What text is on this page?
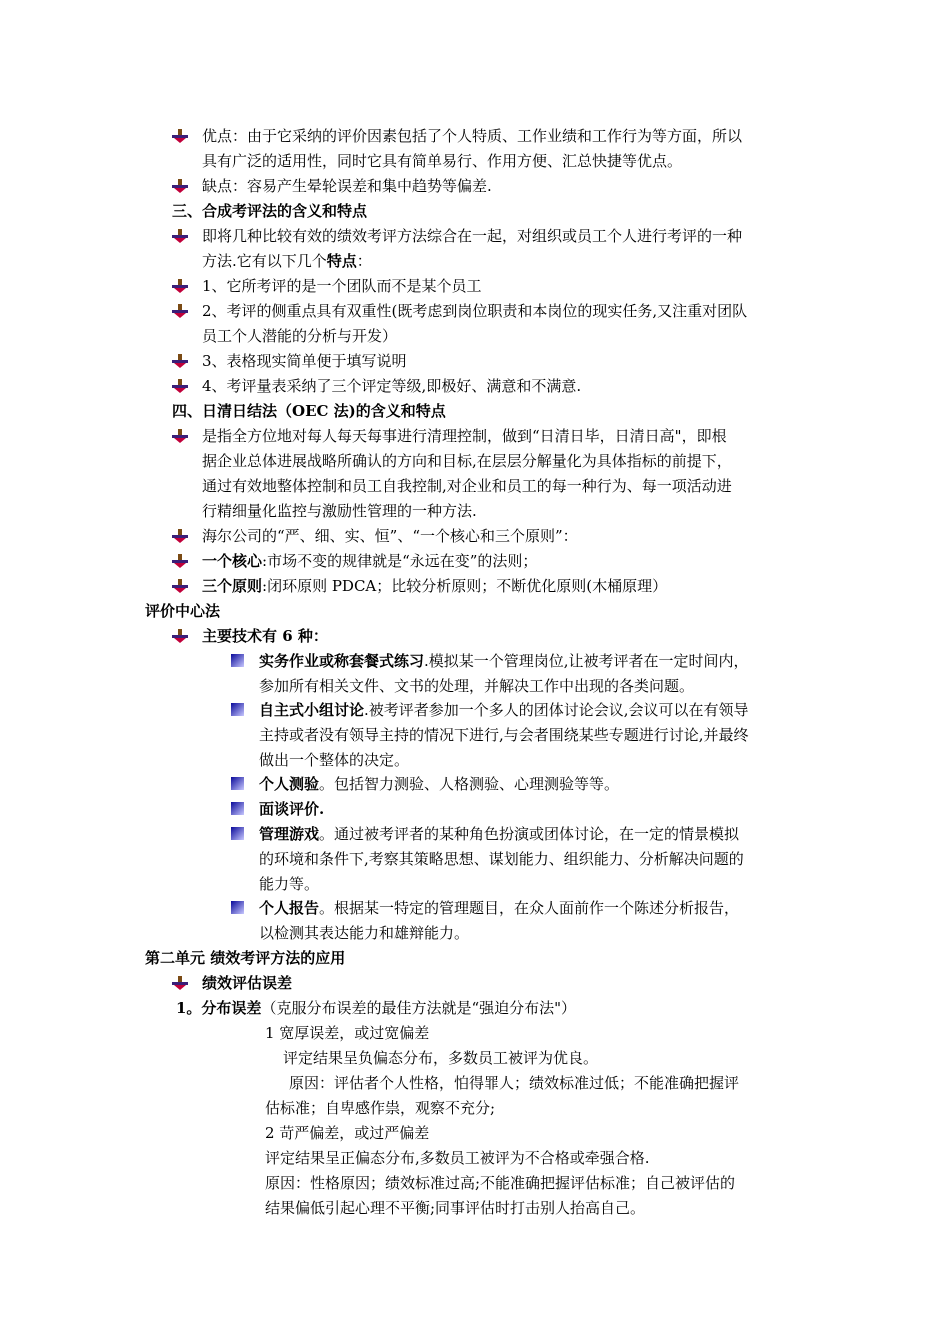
优点：由于它采纳的评价因素包括了个人特质、工作业绩和工作行为等方面，所以
具有广泛的适用性，同时它具有简单易行、作用方便、汇总快捷等优点。
缺点：容易产生晕轮误差和集中趋势等偏差.
三、合成考评法的含义和特点
即将几种比较有效的绩效考评方法综合在一起，对组织或员工个人进行考评的一种
方法.它有以下几个特点：
1、它所考评的是一个团队而不是某个员工
2、考评的侧重点具有双重性(既考虑到岗位职责和本岗位的现实任务,又注重对团队
员工个人潜能的分析与开发）
3、表格现实简单便于填写说明
4、考评量表采纳了三个评定等级,即极好、满意和不满意.
四、日清日结法（OEC 法)的含义和特点
是指全方位地对每人每天每事进行清理控制，做到“日清日毕，日清日高"，即根
据企业总体进展战略所确认的方向和目标,在层层分解量化为具体指标的前提下，
通过有效地整体控制和员工自我控制,对企业和员工的每一种行为、每一项活动进
行精细量化监控与激励性管理的一种方法.
海尔公司的“严、细、实、恒”、“一个核心和三个原则”：
一个核心:市场不变的规律就是“永远在变”的法则；
三个原则:闭环原则 PDCA；比较分析原则；不断优化原则(木桶原理）
评价中心法
主要技术有 6 种：
实务作业或称套餐式练习.模拟某一个管理岗位,让被考评者在一定时间内，
参加所有相关文件、文书的处理，并解决工作中出现的各类问题。
自主式小组讨论.被考评者参加一个多人的团体讨论会议,会议可以在有领导
主持或者没有领导主持的情况下进行,与会者围绕某些专题进行讨论,并最终
做出一个整体的决定。
个人测验。包括智力测验、人格测验、心理测验等等。
面谈评价.
管理游戏。通过被考评者的某种角色扮演或团体讨论，在一定的情景模拟
的环境和条件下,考察其策略思想、谋划能力、组织能力、分析解决问题的
能力等。
个人报告。根据某一特定的管理题目，在众人面前作一个陈述分析报告，
以检测其表达能力和雄辩能力。
第二单元 绩效考评方法的应用
绩效评估误差
1。分布误差（克服分布误差的最佳方法就是“强迫分布法"）
1 宽厚误差，或过宽偏差
评定结果呈负偏态分布，多数员工被评为优良。
原因：评估者个人性格，怕得罪人；绩效标准过低；不能准确把握评
估标准；自卑感作祟，观察不充分;
2 苛严偏差，或过严偏差
评定结果呈正偏态分布,多数员工被评为不合格或牵强合格.
原因：性格原因；绩效标准过高;不能准确把握评估标准；自己被评估的
结果偏低引起心理不平衡;同事评估时打击别人抬高自己。
